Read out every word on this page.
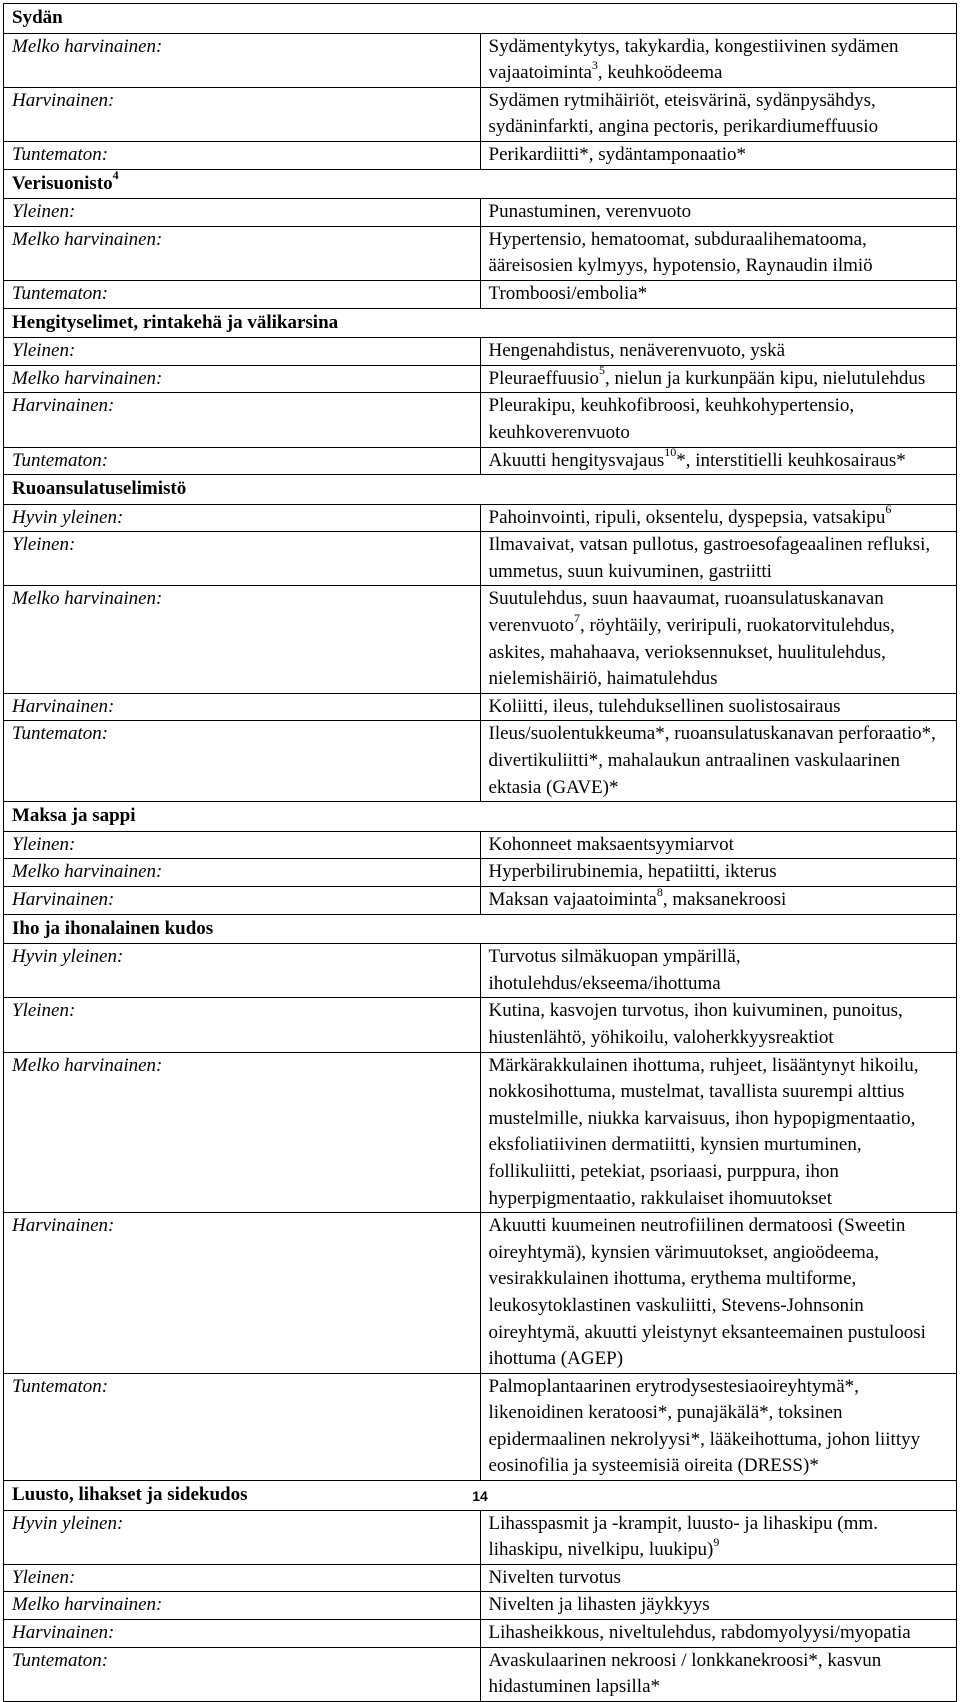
Sydän	
Melko harvinainen:	Sydämentykytys, takykardia, kongestiivinen sydämen vajaatoiminta$^3$, keuhkoödeema
Harvinainen:	Sydämen rytmihäiriöt, eteisvärinä, sydänpysähdys, sydäninfarkti, angina pectoris, perikardiumeffuusio
Tuntematon:	Perikardiitti*, sydäntamponaatio*
Verisuonisto$^4$
Yleinen:	Punastuminen, verenvuoto
Melko harvinainen:	Hypertensio, hematoomat, subduraalihematooma, ääreisosien kylmyys, hypotensio, Raynaudin ilmiö
Tuntematon:	Tromboosi/embolia*
Hengityselimet, rintakehä ja välikarsina	
Yleinen:	Hengenahdistus, nenäverenvuoto, yskä
Melko harvinainen:	Pleuraeffuusio$^5$, nielun ja kurkunpään kipu, nielutulehdus
Harvinainen:	Pleurakipu, keuhkofibroosi, keuhkohypertensio, keuhkoverenvuoto
Tuntematon:	Akuutti hengitysvajaus$^{10}$*, interstitielli keuhkosairaus*
Ruoansulatuselimistö	
Hyvin yleinen:	Pahoinvointi, ripuli, oksentelu, dyspepsia, vatsakipu$^6$
Yleinen:	Ilmavaivat, vatsan pullotus, gastroesofageaalinen refluksi, ummetus, suun kuivuminen, gastriitti
Melko harvinainen:	Suutulehdus, suun haavaumat, ruoansulatuskanavan verenvuoto$^7$, röyhtäily, veriripuli, ruokatorvitulehdus, askites, mahahaava, verioksennukset, huulitulehdus, nielemishäiriö, haimatulehdus
Harvinainen:	Koliitti, ileus, tulehduksellinen suolistosairaus
Tuntematon:	Ileus/suolentukkeuma*, ruoansulatuskanavan perforaatio*, divertikuliitti*, mahalaukun antraalinen vaskulaarinen ektasia (GAVE)*
Maksa ja sappi	
Yleinen:	Kohonneet maksaentsyymiarvot
Melko harvinainen:	Hyperbilirubinemia, hepatiitti, ikterus
Harvinainen:	Maksan vajaatoiminta$^8$, maksanekroosi
Iho ja ihonalainen kudos	
Hyvin yleinen:	Turvotus silmäkuopan ympärillä, ihotulehdus/ekseema/ihottuma
Yleinen:	Kutina, kasvojen turvotus, ihon kuivuminen, punoitus, hiustenlähtö, yöhikoilu, valoherkkyysreaktiot
Melko harvinainen:	Märkärakkulainen ihottuma, ruhjeet, lisääntynyt hikoilu, nokkosihottuma, mustelmat, tavallista suurempi alttius mustelmille, niukka karvaisuus, ihon hypopigmentaatio, eksfoliatiivinen dermatiitti, kynsien murtuminen, follikuliitti, petekiat, psoriaasi, purppura, ihon hyperpigmentaatio, rakkulaiset ihomuutokset
Harvinainen:	Akuutti kuumeinen neutrofiilinen dermatoosi (Sweetin oireyhtymä), kynsien värimuutokset, angioödeema, vesirakkulainen ihottuma, erythema multiforme, leukosytoklastinen vaskuliitti, Stevens-Johnsonin oireyhtymä, akuutti yleistynyt eksanteemainen pustuloosi ihottuma (AGEP)
Tuntematon:	Palmoplantaarinen erytrodysestesiaoireyhtymä*, likenoidinen keratoosi*, punajäkälä*, toksinen epidermaalinen nekrolyysi*, lääkeihottuma, johon liittyy eosinofilia ja systeemisiä oireita (DRESS)*
Luusto, lihakset ja sidekudos	
Hyvin yleinen:	Lihasspasmit ja -krampit, luusto- ja lihaskipu (mm. lihaskipu, nivelkipu, luukipu)$^9$
Yleinen:	Nivelten turvotus
Melko harvinainen:	Nivelten ja lihasten jäykkyys
Harvinainen:	Lihasheikkous, niveltulehdus, rabdomyolyysi/myopatia
Tuntematon:	Avaskulaarinen nekroosi / lonkkanekroosi*, kasvun hidastuminen lapsilla*
14
